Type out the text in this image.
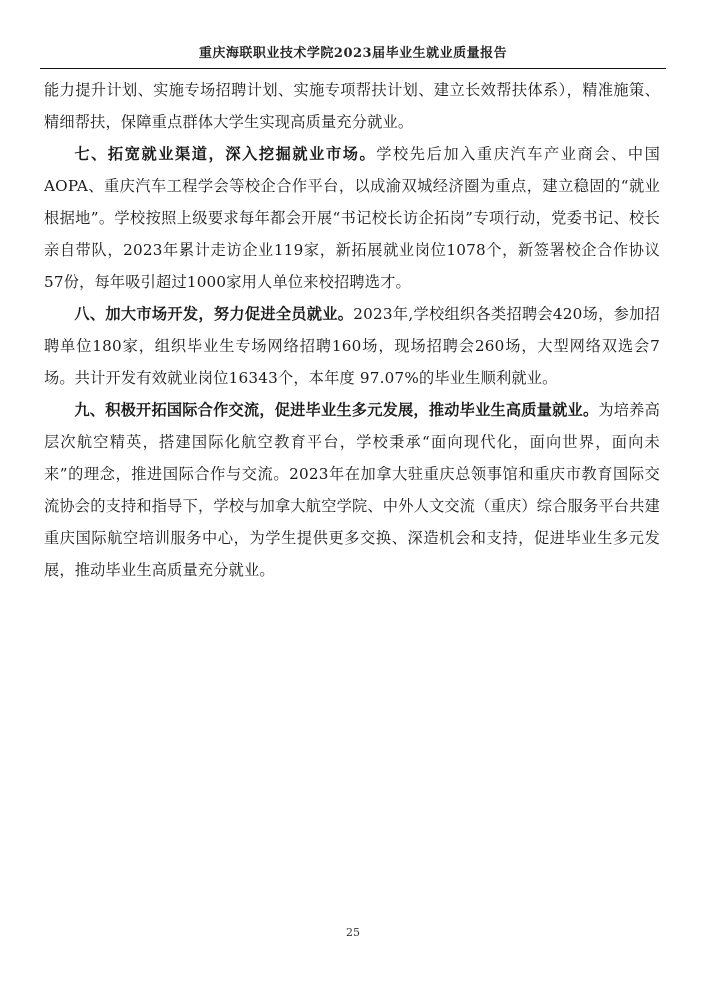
重庆海联职业技术学院2023届毕业生就业质量报告

能力提升计划、实施专场招聘计划、实施专项帮扶计划、建立长效帮扶体系），精准施策、精细帮扶，保障重点群体大学生实现高质量充分就业。

七、拓宽就业渠道，深入挖掘就业市场。学校先后加入重庆汽车产业商会、中国AOPA、重庆汽车工程学会等校企合作平台，以成渝双城经济圈为重点，建立稳固的“就业根据地”。学校按照上级要求每年都会开展“书记校长访企拓岗”专项行动，党委书记、校长亲自带队，2023年累计走访企业119家，新拓展就业岗位1078个，新签署校企合作协议57份，每年吸引超过1000家用人单位来校招聘选才。

八、加大市场开发，努力促进全员就业。2023年,学校组织各类招聘会420场，参加招聘单位180家，组织毕业生专场网络招聘160场，现场招聘会260场，大型网络双选会7场。共计开发有效就业岗位16343个，本年度 97.07%的毕业生顺利就业。

九、积极开拓国际合作交流，促进毕业生多元发展，推动毕业生高质量就业。为培养高层次航空精英，搭建国际化航空教育平台，学校秉承“面向现代化，面向世界，面向未来”的理念，推进国际合作与交流。2023年在加拿大驻重庆总领事馆和重庆市教育国际交流协会的支持和指导下，学校与加拿大航空学院、中外人文交流（重庆）综合服务平台共建重庆国际航空培训服务中心，为学生提供更多交换、深造机会和支持，促进毕业生多元发展，推动毕业生高质量充分就业。

25
